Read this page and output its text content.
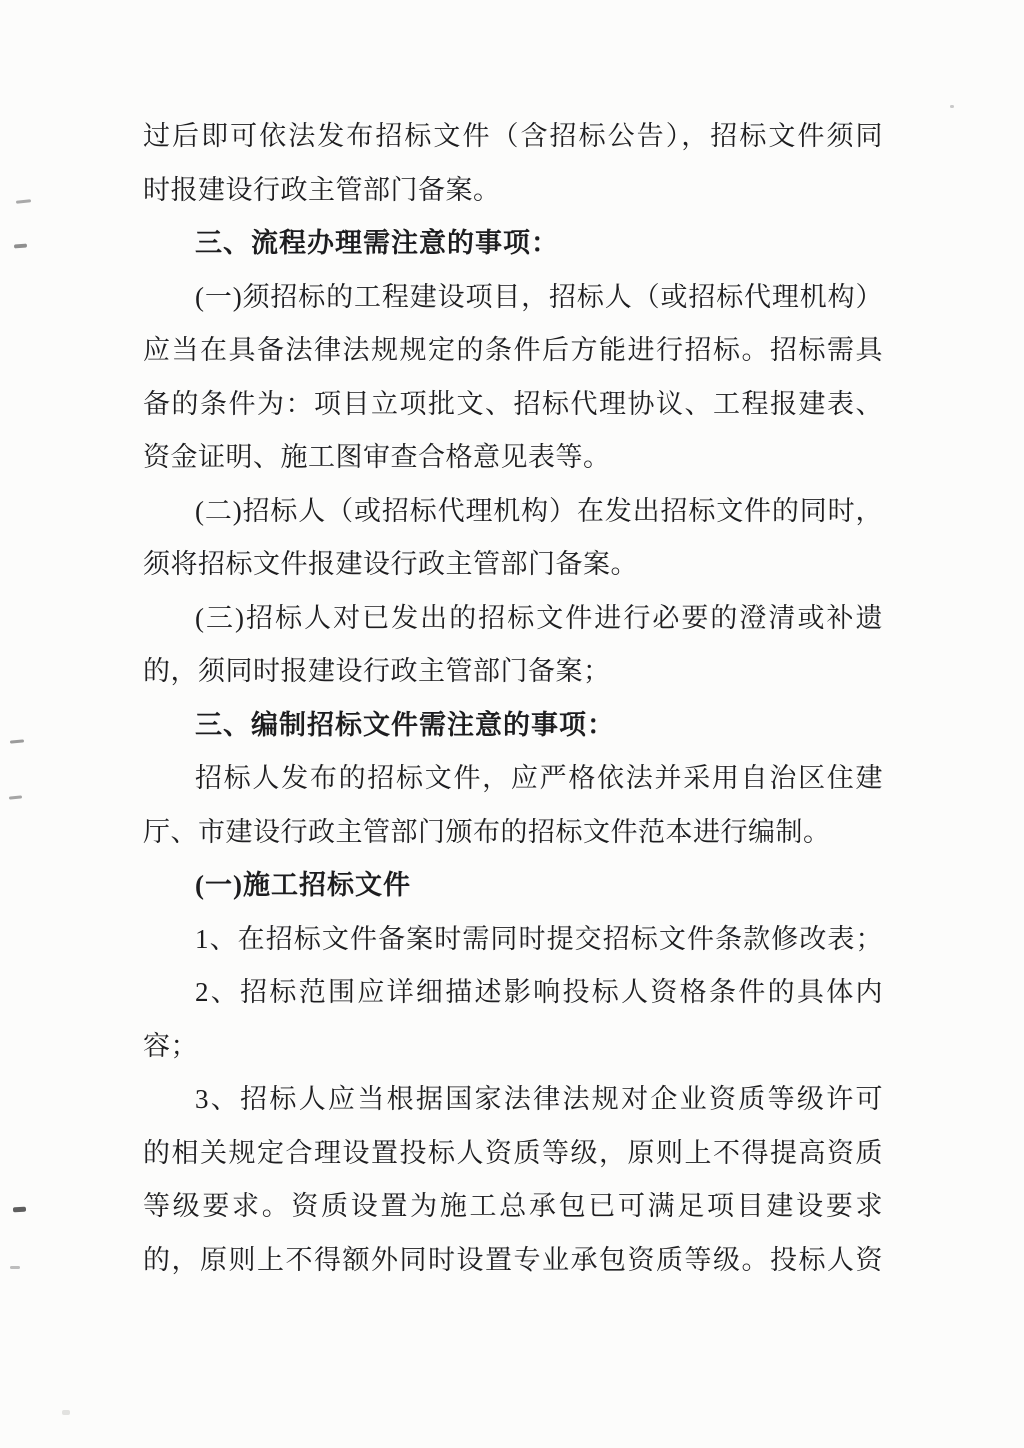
过后即可依法发布招标文件（含招标公告），招标文件须同
时报建设行政主管部门备案。
三、流程办理需注意的事项：
(一)须招标的工程建设项目，招标人（或招标代理机构）
应当在具备法律法规规定的条件后方能进行招标。招标需具
备的条件为：项目立项批文、招标代理协议、工程报建表、
资金证明、施工图审查合格意见表等。
(二)招标人（或招标代理机构）在发出招标文件的同时，
须将招标文件报建设行政主管部门备案。
(三)招标人对已发出的招标文件进行必要的澄清或补遗
的，须同时报建设行政主管部门备案；
三、编制招标文件需注意的事项：
招标人发布的招标文件，应严格依法并采用自治区住建
厅、市建设行政主管部门颁布的招标文件范本进行编制。
(一)施工招标文件
1、在招标文件备案时需同时提交招标文件条款修改表；
2、招标范围应详细描述影响投标人资格条件的具体内
容；
3、招标人应当根据国家法律法规对企业资质等级许可
的相关规定合理设置投标人资质等级，原则上不得提高资质
等级要求。资质设置为施工总承包已可满足项目建设要求
的，原则上不得额外同时设置专业承包资质等级。投标人资
